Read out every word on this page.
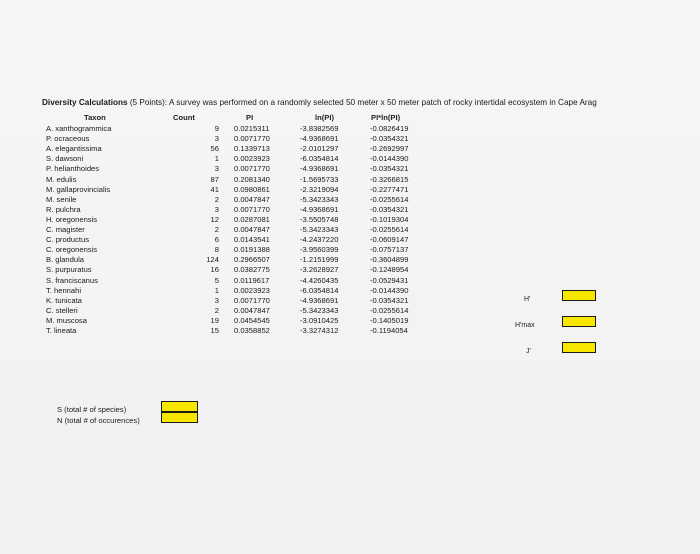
Diversity Calculations (5 Points): A survey was performed on a randomly selected 50 meter x 50 meter patch of rocky intertidal ecosystem in Cape Arag
Taxon	Count	PI	ln(PI)	PI*ln(PI)
A. xanthogrammica	9 0.0215311	-3.8382569	-0.0826419
P. ocraceous	3 0.0071770	-4.9368691	-0.0354321
A. elegantissima	56 0.1339713	-2.0101297	-0.2692997
S. dawsoni	1 0.0023923	-6.0354814	-0.0144390
P. helianthoides	3 0.0071770	-4.9368691	-0.0354321
M. edulis	87 0.2081340	-1.5695733	-0.3266815
M. gallaprovincialis	41 0.0980861	-2.3219094	-0.2277471
M. senile	2 0.0047847	-5.3423343	-0.0255614
R. pulchra	3 0.0071770	-4.9368691	-0.0354321
H. oregonensis	12 0.0287081	-3.5505748	-0.1019304
C. magister	2 0.0047847	-5.3423343	-0.0255614
C. productus	6 0.0143541	-4.2437220	-0.0609147
C. oregonensis	8 0.0191388	-3.9560399	-0.0757137
B. glandula	124 0.2966507	-1.2151999	-0.3604899
S. purpuratus	16 0.0382775	-3.2628927	-0.1248954
S. franciscanus	5 0.0119617	-4.4260435	-0.0529431
T. hennahi	1 0.0023923	-6.0354814	-0.0144390
K. tunicata	3 0.0071770	-4.9368691	-0.0354321
C. stelleri	2 0.0047847	-5.3423343	-0.0255614
M. muscosa	19 0.0454545	-3.0910425	-0.1405019
T. lineata	15 0.0358852	-3.3274312	-0.1194054
S (total # of species)
N (total # of occurences)
H'
H'max
J'
